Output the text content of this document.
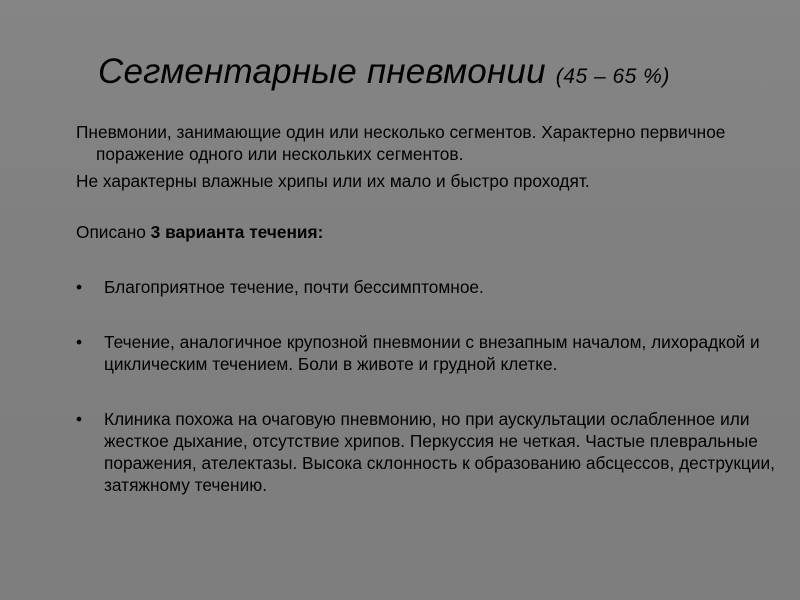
Сегментарные пневмонии (45 – 65 %)

Пневмонии, занимающие один или несколько сегментов. Характерно первичное поражение одного или нескольких сегментов.

Не характерны влажные хрипы или их мало и быстро проходят.

Описано 3 варианта течения:

•	Благоприятное течение, почти бессимптомное.
•	Течение, аналогичное крупозной пневмонии с внезапным началом, лихорадкой и циклическим течением. Боли в животе и грудной клетке.
•	Клиника похожа на очаговую пневмонию, но при аускультации ослабленное или жесткое дыхание, отсутствие хрипов. Перкуссия не четкая. Частые плевральные поражения, ателектазы. Высока склонность к образованию абсцессов, деструкции, затяжному течению.
